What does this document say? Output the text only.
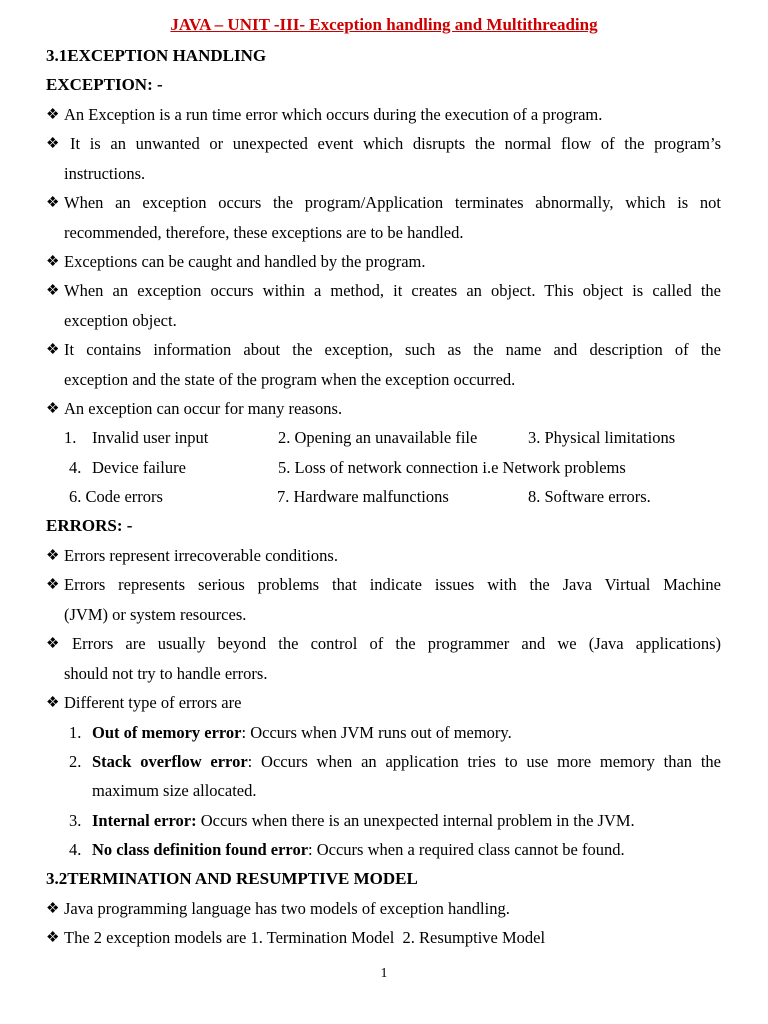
JAVA – UNIT -III- Exception handling and Multithreading
3.1EXCEPTION HANDLING
EXCEPTION: -
❖ An Exception is a run time error which occurs during the execution of a program.
❖ It is an unwanted or unexpected event which disrupts the normal flow of the program’s
instructions.
❖ When an exception occurs the program/Application terminates abnormally, which is not
recommended, therefore, these exceptions are to be handled.
❖ Exceptions can be caught and handled by the program.
❖ When an exception occurs within a method, it creates an object. This object is called the
exception object.
❖ It contains information about the exception, such as the name and description of the
exception and the state of the program when the exception occurred.
❖ An exception can occur for many reasons.
1. Invalid user input	2. Opening an unavailable file	3. Physical limitations
4. Device failure	5. Loss of network connection i.e Network problems
6. Code errors	7. Hardware malfunctions	8. Software errors.
ERRORS: -
❖ Errors represent irrecoverable conditions.
❖ Errors represents serious problems that indicate issues with the Java Virtual Machine
(JVM) or system resources.
❖ Errors are usually beyond the control of the programmer and we (Java applications)
should not try to handle errors.
❖ Different type of errors are
1. Out of memory error: Occurs when JVM runs out of memory.
2. Stack overflow error: Occurs when an application tries to use more memory than the
maximum size allocated.
3. Internal error: Occurs when there is an unexpected internal problem in the JVM.
4. No class definition found error: Occurs when a required class cannot be found.
3.2TERMINATION AND RESUMPTIVE MODEL
❖ Java programming language has two models of exception handling.
❖ The 2 exception models are 1. Termination Model  2. Resumptive Model
1
